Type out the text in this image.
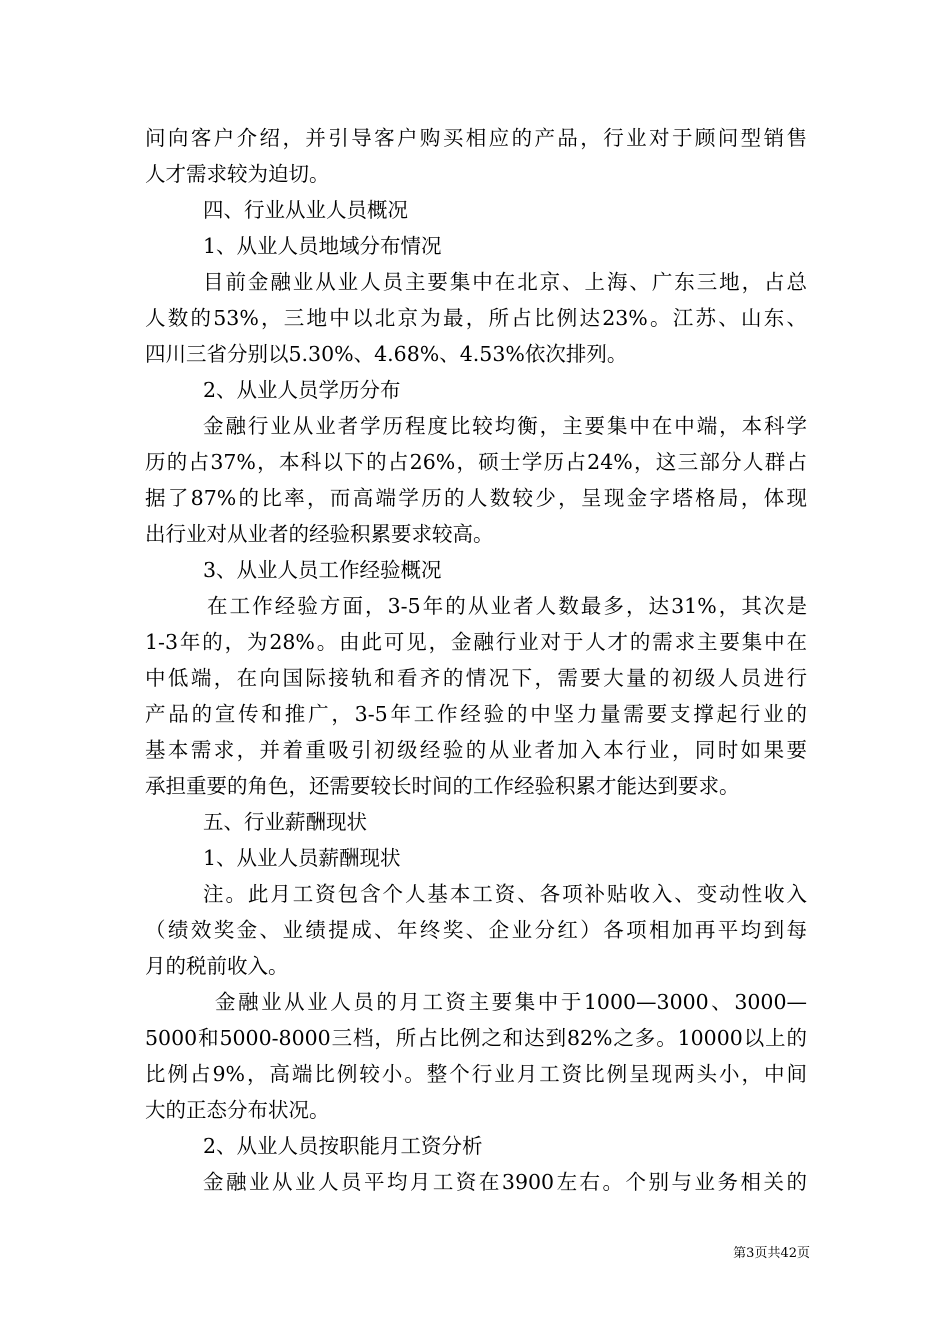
问向客户介绍，并引导客户购买相应的产品，行业对于顾问型销售
人才需求较为迫切。
四、行业从业人员概况
1、从业人员地域分布情况
目前金融业从业人员主要集中在北京、上海、广东三地，占总
人数的53%，三地中以北京为最，所占比例达23%。江苏、山东、
四川三省分别以5.30%、4.68%、4.53%依次排列。
2、从业人员学历分布
金融行业从业者学历程度比较均衡，主要集中在中端，本科学
历的占37%，本科以下的占26%，硕士学历占24%，这三部分人群占
据了87%的比率，而高端学历的人数较少，呈现金字塔格局，体现
出行业对从业者的经验积累要求较高。
3、从业人员工作经验概况
在工作经验方面，3-5年的从业者人数最多，达31%，其次是
1-3年的，为28%。由此可见，金融行业对于人才的需求主要集中在
中低端，在向国际接轨和看齐的情况下，需要大量的初级人员进行
产品的宣传和推广，3-5年工作经验的中坚力量需要支撑起行业的
基本需求，并着重吸引初级经验的从业者加入本行业，同时如果要
承担重要的角色，还需要较长时间的工作经验积累才能达到要求。
五、行业薪酬现状
1、从业人员薪酬现状
注。此月工资包含个人基本工资、各项补贴收入、变动性收入
（绩效奖金、业绩提成、年终奖、企业分红）各项相加再平均到每
月的税前收入。
金融业从业人员的月工资主要集中于1000—3000、3000—
5000和5000-8000三档，所占比例之和达到82%之多。10000以上的
比例占9%，高端比例较小。整个行业月工资比例呈现两头小，中间
大的正态分布状况。
2、从业人员按职能月工资分析
金融业从业人员平均月工资在3900左右。个别与业务相关的
第3页共42页
